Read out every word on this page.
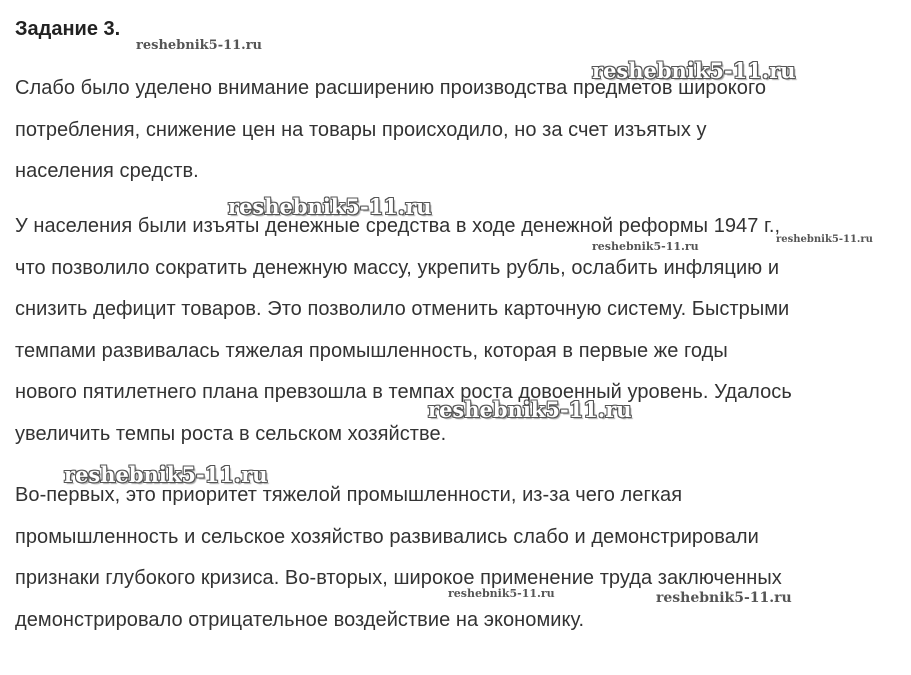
Задание 3.
Слабо было уделено внимание расширению производства предметов широкого
потребления, снижение цен на товары происходило, но за счет изъятых у
населения средств.
У населения были изъяты денежные средства в ходе денежной реформы 1947 г.,
что позволило сократить денежную массу, укрепить рубль, ослабить инфляцию и
снизить дефицит товаров. Это позволило отменить карточную систему. Быстрыми
темпами развивалась тяжелая промышленность, которая в первые же годы
нового пятилетнего плана превзошла в темпах роста довоенный уровень. Удалось
увеличить темпы роста в сельском хозяйстве.
Во-первых, это приоритет тяжелой промышленности, из-за чего легкая
промышленность и сельское хозяйство развивались слабо и демонстрировали
признаки глубокого кризиса. Во-вторых, широкое применение труда заключенных
демонстрировало отрицательное воздействие на экономику.
reshebnik5-11.ru
reshebnik5-11.ru
reshebnik5-11.ru
reshebnik5-11.ru
reshebnik5-11.ru
reshebnik5-11.ru
reshebnik5-11.ru
reshebnik5-11.ru	reshebnik5-11.ru
